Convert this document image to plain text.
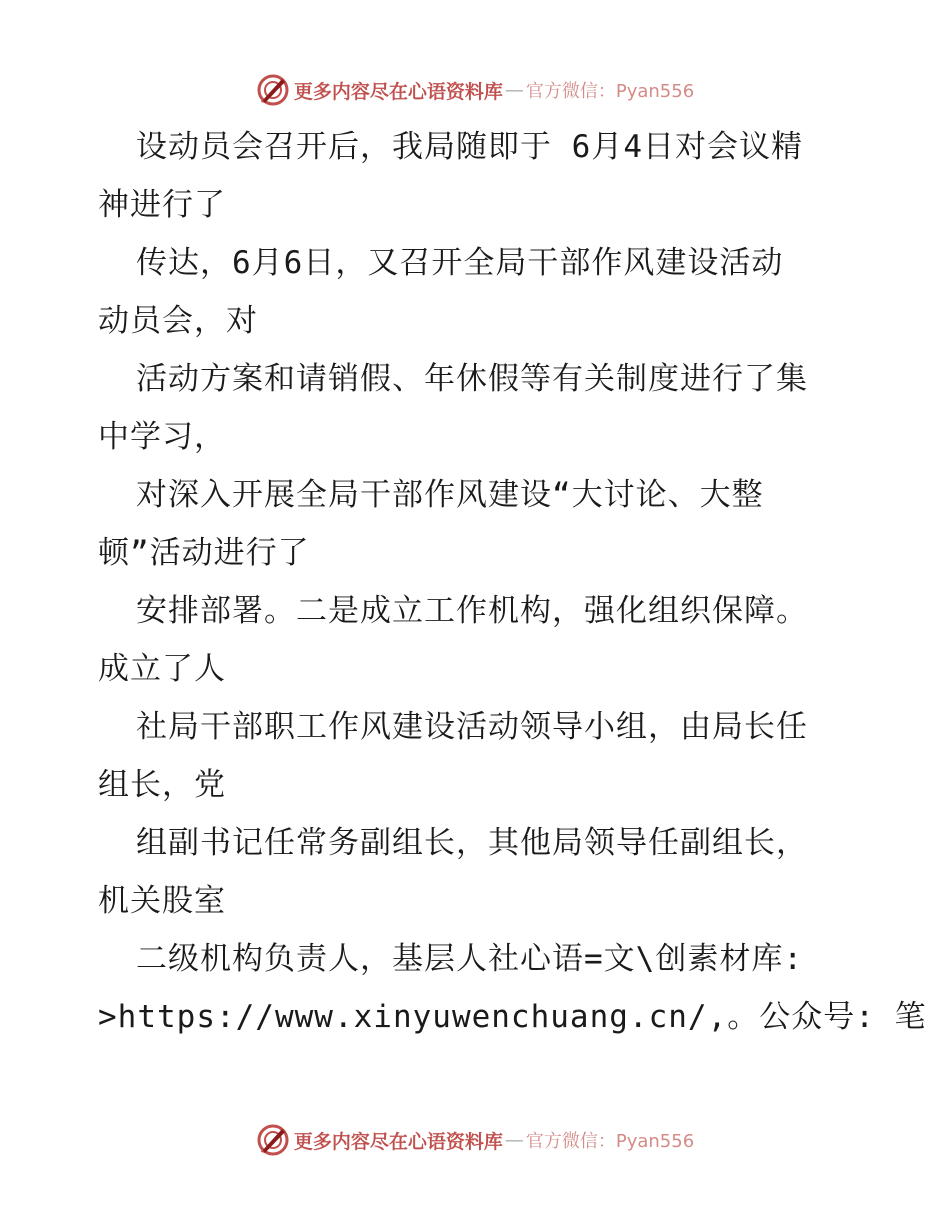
更多内容尽在心语资料库 — 官方微信：Pyan556
设动员会召开后，我局随即于 6月4日对会议精
神进行了
传达，6月6日，又召开全局干部作风建设活动
动员会，对
活动方案和请销假、年休假等有关制度进行了集
中学习，
对深入开展全局干部作风建设“大讨论、大整
顿”活动进行了
安排部署。二是成立工作机构，强化组织保障。
成立了人
社局干部职工作风建设活动领导小组，由局长任
组长，党
组副书记任常务副组长，其他局领导任副组长，
机关股室
二级机构负责人，基层人社心语=文\创素材库:
>https://www.xinyuwenchuang.cn/,。公众号: 笔
更多内容尽在心语资料库 — 官方微信：Pyan556
